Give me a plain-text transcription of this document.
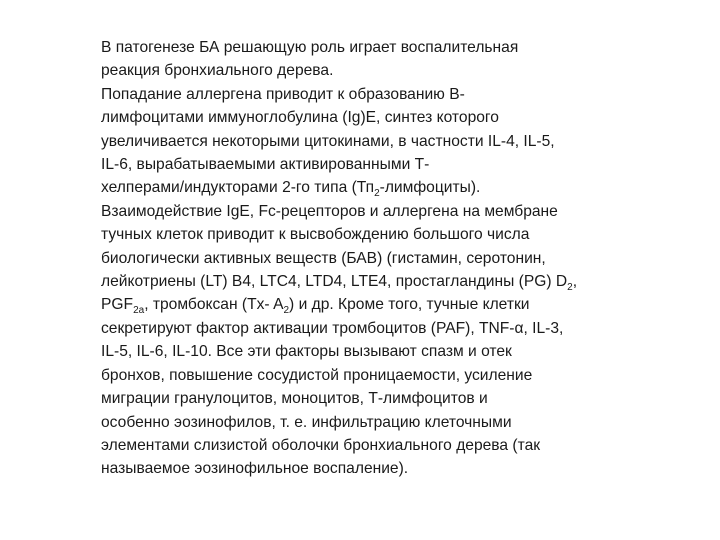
В патогенезе БА решающую роль играет воспалительная
реакция бронхиального дерева.
Попадание аллергена приводит к образованию В-
лимфоцитами иммуноглобулина (Ig)E, синтез которого
увеличивается некоторыми цитокинами, в частности IL-4, IL-5,
IL-6, вырабатываемыми активированными Т-
хелперами/индукторами 2-го типа $(Тп_2-лимфоциты)$.
Взаимодействие IgE, Fc-рецепторов и аллергена на мембране
тучных клеток приводит к высвобождению большого числа
биологически активных веществ (БАВ) (гистамин, серотонин,
лейкотриены (LT) В4, LTC4, LTD4, LTE4, простагландины (PG) $D_2$,
$PGF_{2a}$, тромбоксан (Tx- $A_2$) и др. Кроме того, тучные клетки
секретируют фактор активации тромбоцитов (PAF), TNF-α, IL-3,
IL-5, IL-6, IL-10. Все эти факторы вызывают спазм и отек
бронхов, повышение сосудистой проницаемости, усиление
миграции гранулоцитов, моноцитов, Т-лимфоцитов и
особенно эозинофилов, т. е. инфильтрацию клеточными
элементами слизистой оболочки бронхиального дерева (так
называемое эозинофильное воспаление).
